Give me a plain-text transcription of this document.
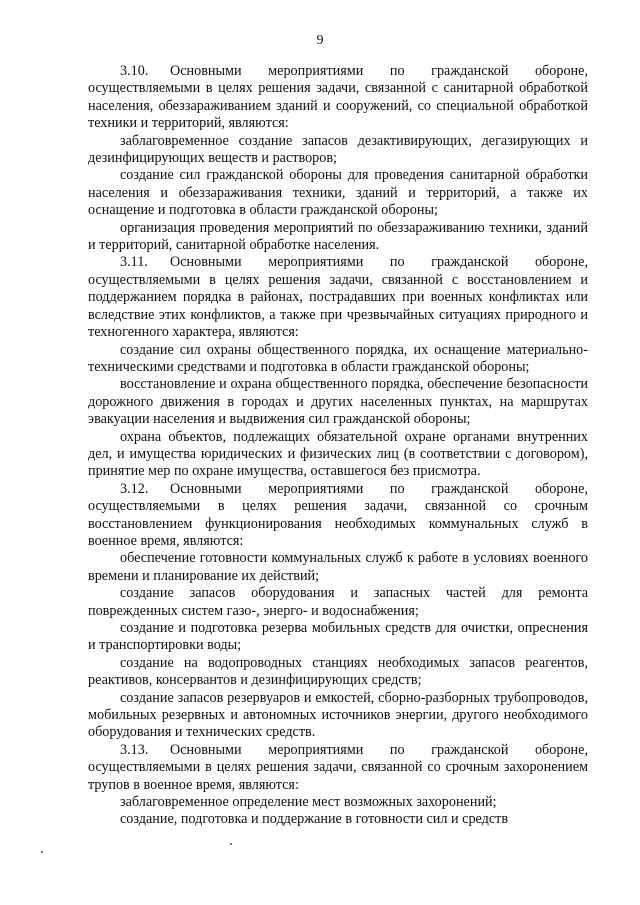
9

3.10. Основными мероприятиями по гражданской обороне, осуществляемыми в целях решения задачи, связанной с санитарной обработкой населения, обеззараживанием зданий и сооружений, со специальной обработкой техники и территорий, являются:

заблаговременное создание запасов дезактивирующих, дегазирующих и дезинфицирующих веществ и растворов;

создание сил гражданской обороны для проведения санитарной обработки населения и обеззараживания техники, зданий и территорий, а также их оснащение и подготовка в области гражданской обороны;

организация проведения мероприятий по обеззараживанию техники, зданий и территорий, санитарной обработке населения.

3.11. Основными мероприятиями по гражданской обороне, осуществляемыми в целях решения задачи, связанной с восстановлением и поддержанием порядка в районах, пострадавших при военных конфликтах или вследствие этих конфликтов, а также при чрезвычайных ситуациях природного и техногенного характера, являются:

создание сил охраны общественного порядка, их оснащение материально-техническими средствами и подготовка в области гражданской обороны;

восстановление и охрана общественного порядка, обеспечение безопасности дорожного движения в городах и других населенных пунктах, на маршрутах эвакуации населения и выдвижения сил гражданской обороны;

охрана объектов, подлежащих обязательной охране органами внутренних дел, и имущества юридических и физических лиц (в соответствии с договором), принятие мер по охране имущества, оставшегося без присмотра.

3.12. Основными мероприятиями по гражданской обороне, осуществляемыми в целях решения задачи, связанной со срочным восстановлением функционирования необходимых коммунальных служб в военное время, являются:

обеспечение готовности коммунальных служб к работе в условиях военного времени и планирование их действий;

создание запасов оборудования и запасных частей для ремонта поврежденных систем газо-, энерго- и водоснабжения;

создание и подготовка резерва мобильных средств для очистки, опреснения и транспортировки воды;

создание на водопроводных станциях необходимых запасов реагентов, реактивов, консервантов и дезинфицирующих средств;

создание запасов резервуаров и емкостей, сборно-разборных трубопроводов, мобильных резервных и автономных источников энергии, другого необходимого оборудования и технических средств.

3.13. Основными мероприятиями по гражданской обороне, осуществляемыми в целях решения задачи, связанной со срочным захоронением трупов в военное время, являются:

заблаговременное определение мест возможных захоронений;

создание, подготовка и поддержание в готовности сил и средств
